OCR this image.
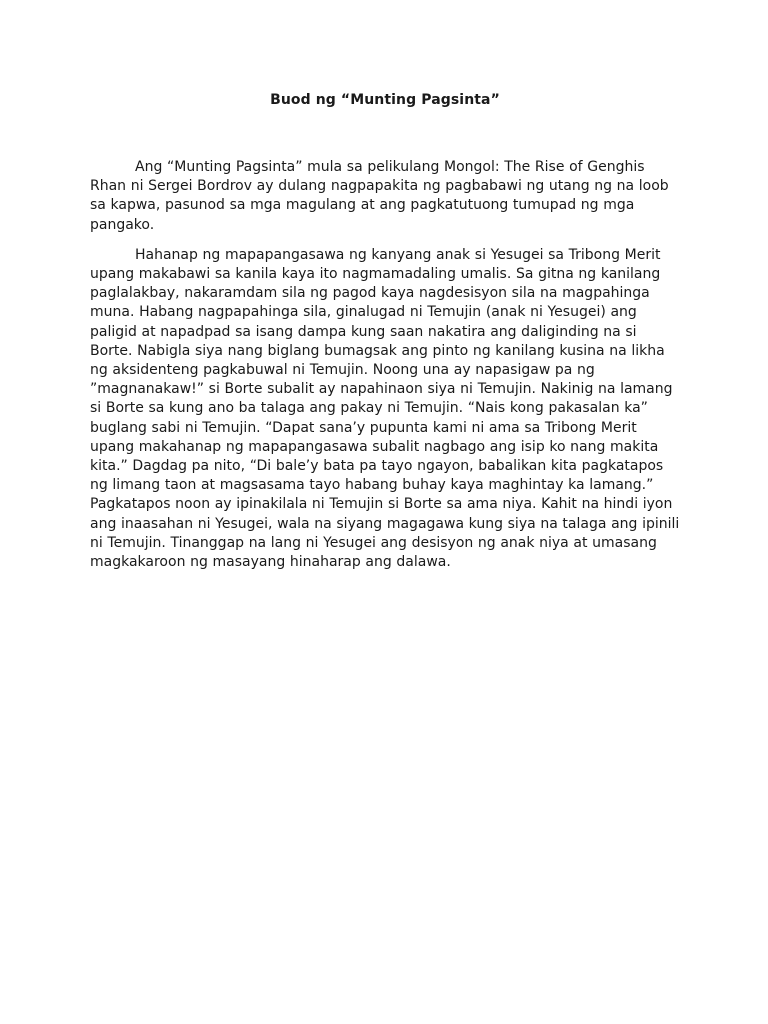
Buod ng “Munting Pagsinta”

Ang “Munting Pagsinta” mula sa pelikulang Mongol: The Rise of Genghis Rhan ni Sergei Bordrov ay dulang nagpapakita ng pagbabawi ng utang ng na loob sa kapwa, pasunod sa mga magulang at ang pagkatutuong tumupad ng mga pangako.

Hahanap ng mapapangasawa ng kanyang anak si Yesugei sa Tribong Merit upang makabawi sa kanila kaya ito nagmamadaling umalis. Sa gitna ng kanilang paglalakbay, nakaramdam sila ng pagod kaya nagdesisyon sila na magpahinga muna. Habang nagpapahinga sila, ginalugad ni Temujin (anak ni Yesugei) ang paligid at napadpad sa isang dampa kung saan nakatira ang daliginding na si Borte. Nabigla siya nang biglang bumagsak ang pinto ng kanilang kusina na likha ng aksidenteng pagkabuwal ni Temujin. Noong una ay napasigaw pa ng ”magnanakaw!” si Borte subalit ay napahinaon siya ni Temujin. Nakinig na lamang si Borte sa kung ano ba talaga ang pakay ni Temujin. “Nais kong pakasalan ka” buglang sabi ni Temujin. “Dapat sana’y pupunta kami ni ama sa Tribong Merit upang makahanap ng mapapangasawa subalit nagbago ang isip ko nang makita kita.” Dagdag pa nito, “Di bale’y bata pa tayo ngayon, babalikan kita pagkatapos ng limang taon at magsasama tayo habang buhay kaya maghintay ka lamang.” Pagkatapos noon ay ipinakilala ni Temujin si Borte sa ama niya. Kahit na hindi iyon ang inaasahan ni Yesugei, wala na siyang magagawa kung siya na talaga ang ipinili ni Temujin. Tinanggap na lang ni Yesugei ang desisyon ng anak niya at umasang magkakaroon ng masayang hinaharap ang dalawa.
